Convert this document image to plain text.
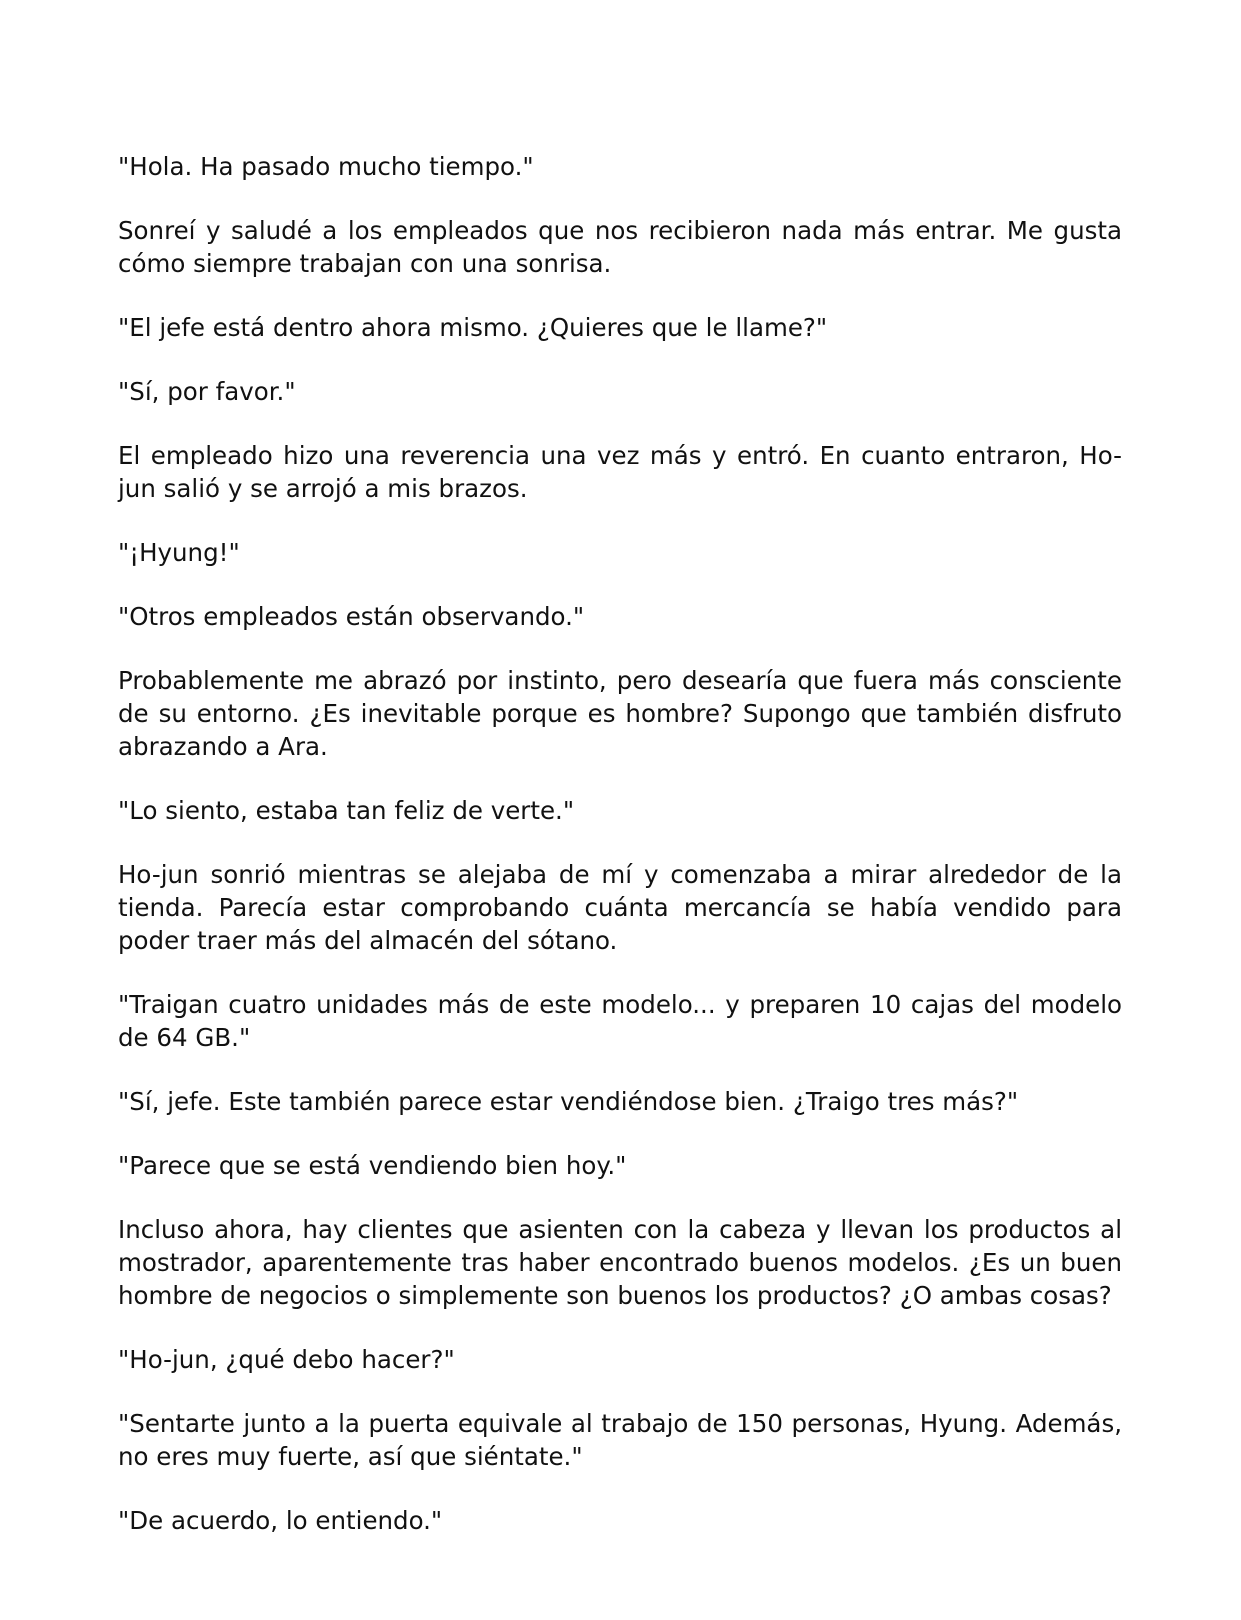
"Hola. Ha pasado mucho tiempo."

Sonreí y saludé a los empleados que nos recibieron nada más entrar. Me gusta cómo siempre trabajan con una sonrisa.

"El jefe está dentro ahora mismo. ¿Quieres que le llame?"

"Sí, por favor."

El empleado hizo una reverencia una vez más y entró. En cuanto entraron, Ho-jun salió y se arrojó a mis brazos.

"¡Hyung!"

"Otros empleados están observando."

Probablemente me abrazó por instinto, pero desearía que fuera más consciente de su entorno. ¿Es inevitable porque es hombre? Supongo que también disfruto abrazando a Ara.

"Lo siento, estaba tan feliz de verte."

Ho-jun sonrió mientras se alejaba de mí y comenzaba a mirar alrededor de la tienda. Parecía estar comprobando cuánta mercancía se había vendido para poder traer más del almacén del sótano.

"Traigan cuatro unidades más de este modelo... y preparen 10 cajas del modelo de 64 GB."

"Sí, jefe. Este también parece estar vendiéndose bien. ¿Traigo tres más?"

"Parece que se está vendiendo bien hoy."

Incluso ahora, hay clientes que asienten con la cabeza y llevan los productos al mostrador, aparentemente tras haber encontrado buenos modelos. ¿Es un buen hombre de negocios o simplemente son buenos los productos? ¿O ambas cosas?

"Ho-jun, ¿qué debo hacer?"

"Sentarte junto a la puerta equivale al trabajo de 150 personas, Hyung. Además, no eres muy fuerte, así que siéntate."

"De acuerdo, lo entiendo."
